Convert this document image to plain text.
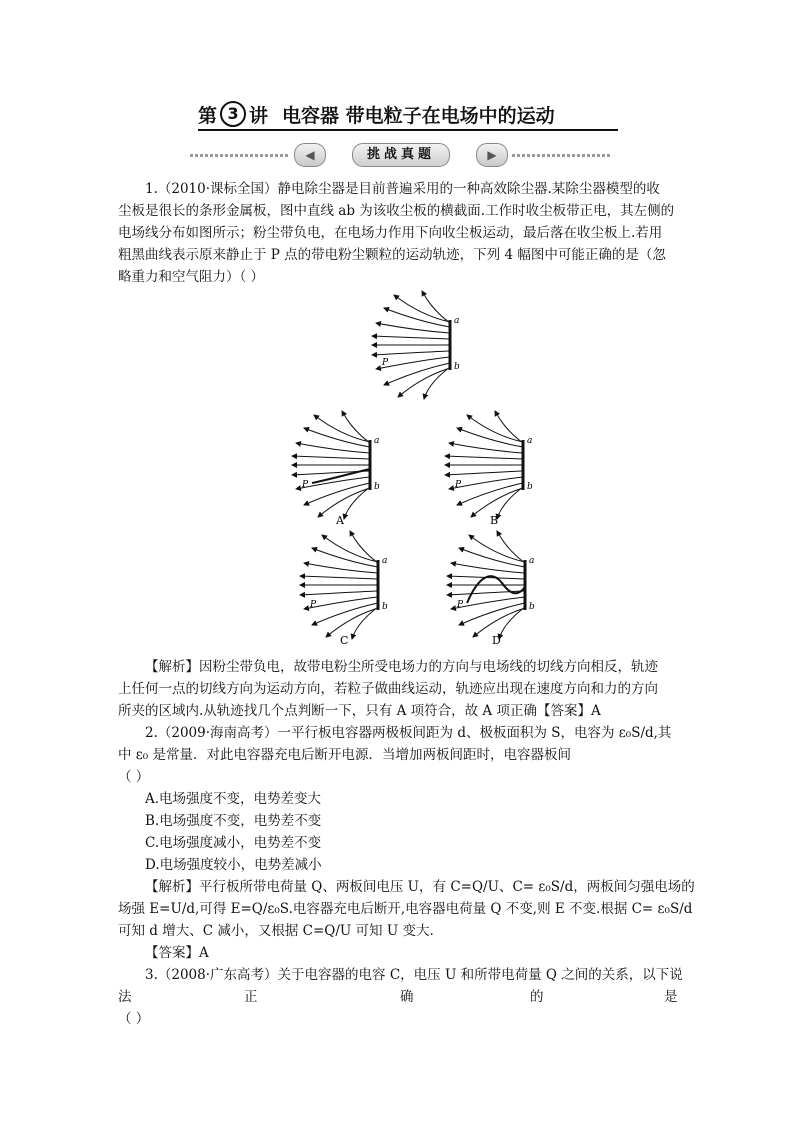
第 3 讲 电容器 带电粒子在电场中的运动
◀	挑战真题	▶

1.（2010·课标全国）静电除尘器是目前普遍采用的一种高效除尘器.某除尘器模型的收

尘板是很长的条形金属板，图中直线 ab 为该收尘板的横截面.工作时收尘板带正电，其左侧的

电场线分布如图所示；粉尘带负电，在电场力作用下向收尘板运动，最后落在收尘板上.若用

粗黑曲线表示原来静止于 P 点的带电粉尘颗粒的运动轨迹，下列 4 幅图中可能正确的是（忽

略重力和空气阻力）（ ）

a
b
P
a
b
P
A
a
b
P
B
a
b
P
C
a
b
P
D

【解析】因粉尘带负电，故带电粉尘所受电场力的方向与电场线的切线方向相反，轨迹

上任何一点的切线方向为运动方向，若粒子做曲线运动，轨迹应出现在速度方向和力的方向

所夹的区域内.从轨迹找几个点判断一下，只有 A 项符合，故 A 项正确【答案】A

2.（2009·海南高考）一平行板电容器两极板间距为 d、极板面积为 S，电容为 ε₀S/d,其

中 ε₀ 是常量．对此电容器充电后断开电源．当增加两板间距时，电容器板间

（ ）

A.电场强度不变，电势差变大

B.电场强度不变，电势差不变

C.电场强度减小，电势差不变

D.电场强度较小，电势差减小

【解析】平行板所带电荷量 Q、两板间电压 U，有 C=Q/U、C= ε₀S/d，两板间匀强电场的

场强 E=U/d,可得 E=Q/ε₀S.电容器充电后断开,电容器电荷量 Q 不变,则 E 不变.根据 C= ε₀S/d

可知 d 增大、C 减小，又根据 C=Q/U 可知 U 变大.

【答案】A

3.（2008·广东高考）关于电容器的电容 C，电压 U 和所带电荷量 Q 之间的关系，以下说

法	正	确	的	是

（ ）
